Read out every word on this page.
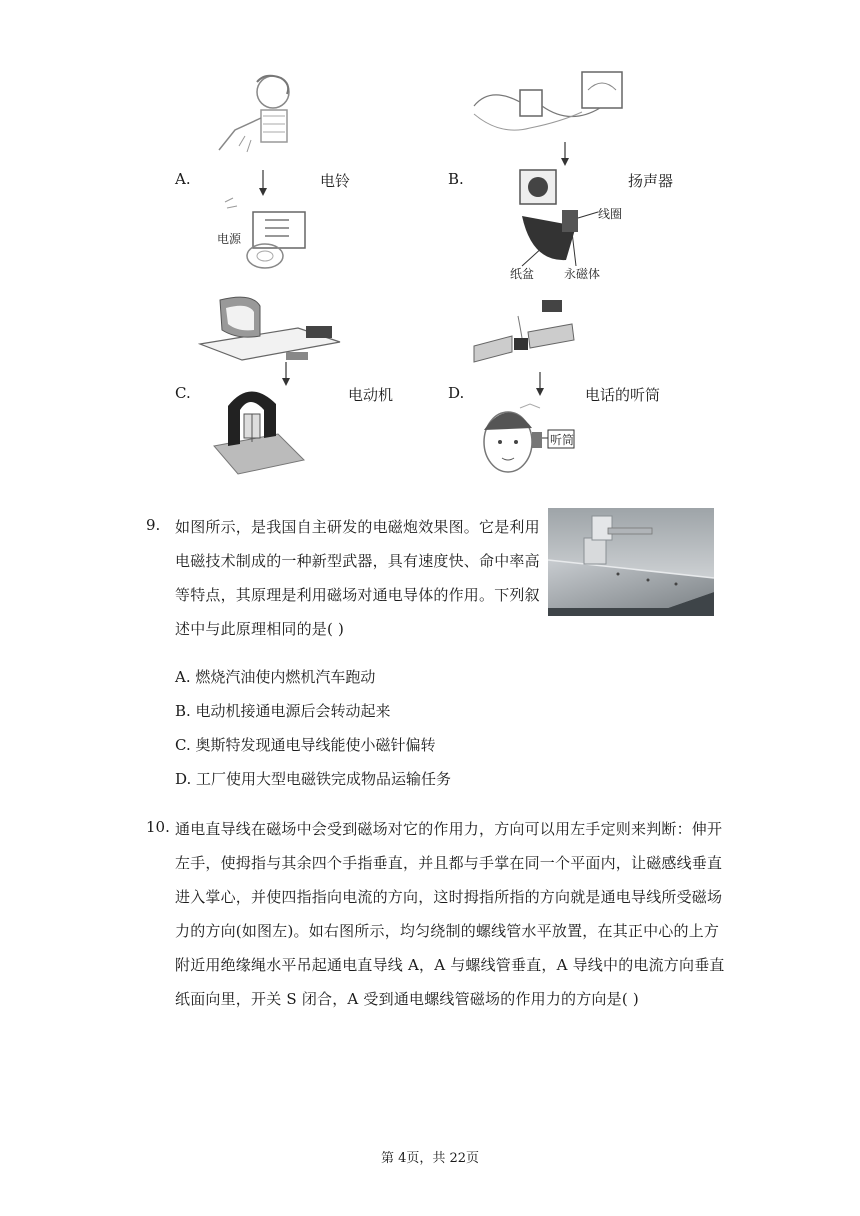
A.	电铃
电源
B.	扬声器
线圈
纸盆 永磁体
C.	电动机	D.	电话的听筒
听筒
9. 如图所示，是我国自主研发的电磁炮效果图。它是利用
电磁技术制成的一种新型武器，具有速度快、命中率高
等特点，其原理是利用磁场对通电导体的作用。下列叙
述中与此原理相同的是( )
A. 燃烧汽油使内燃机汽车跑动
B. 电动机接通电源后会转动起来
C. 奥斯特发现通电导线能使小磁针偏转
D. 工厂使用大型电磁铁完成物品运输任务
10. 通电直导线在磁场中会受到磁场对它的作用力，方向可以用左手定则来判断：伸开
左手，使拇指与其余四个手指垂直，并且都与手掌在同一个平面内，让磁感线垂直
进入掌心，并使四指指向电流的方向，这时拇指所指的方向就是通电导线所受磁场
力的方向(如图左)。如右图所示，均匀绕制的螺线管水平放置，在其正中心的上方
附近用绝缘绳水平吊起通电直导线 A，A 与螺线管垂直，A 导线中的电流方向垂直
纸面向里，开关 S 闭合，A 受到通电螺线管磁场的作用力的方向是( )
第 4页，共 22页
